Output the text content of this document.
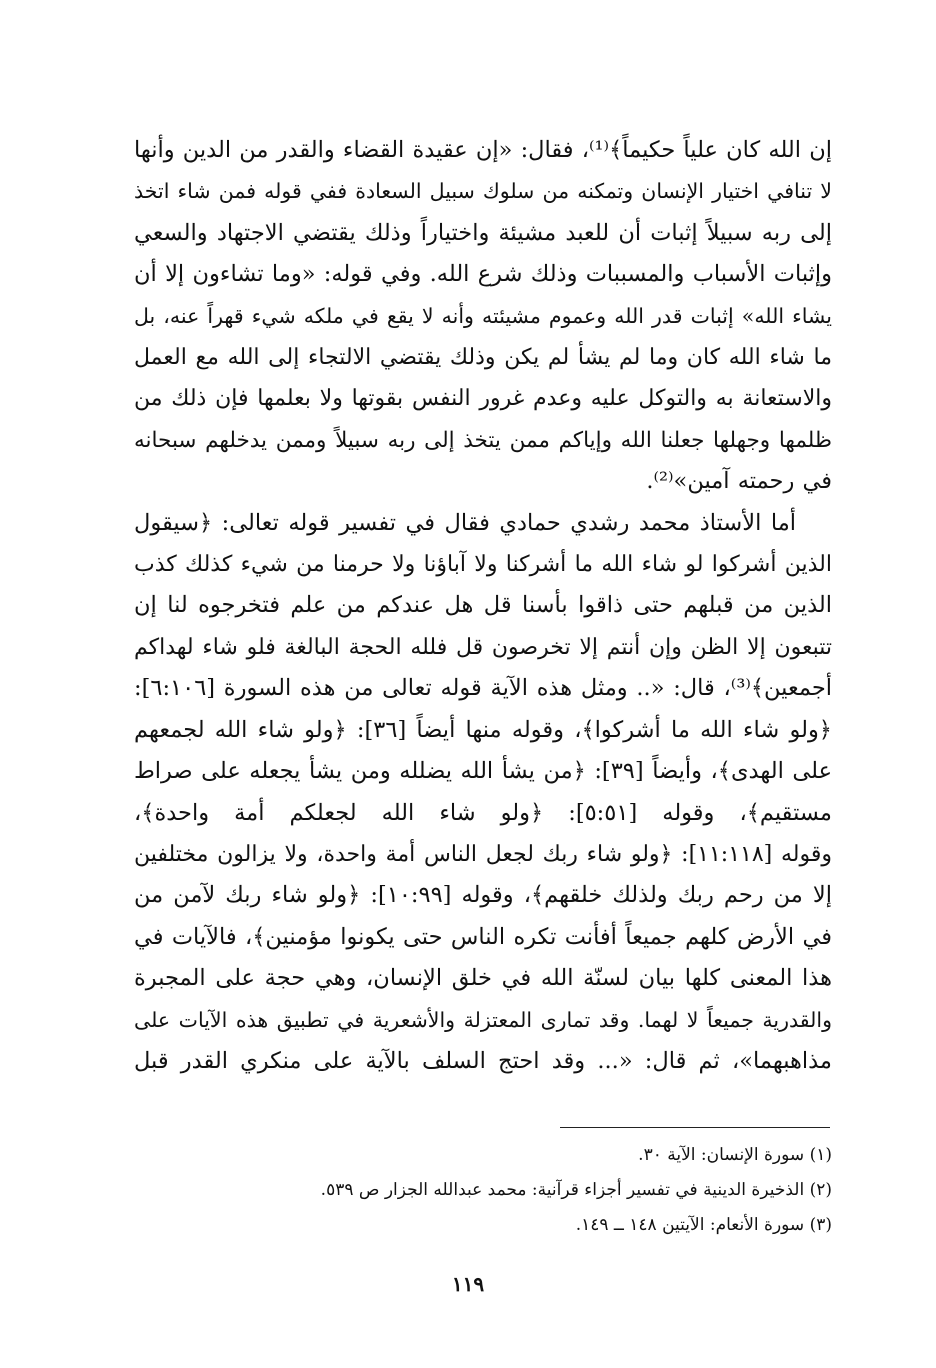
إن الله كان علياً حكيماً﴾⁽¹⁾، فقال: «إن عقيدة القضاء والقدر من الدين وأنها
لا تنافي اختيار الإنسان وتمكنه من سلوك سبيل السعادة ففي قوله فمن شاء اتخذ
إلى ربه سبيلاً إثبات أن للعبد مشيئة واختياراً وذلك يقتضي الاجتهاد والسعي
وإثبات الأسباب والمسببات وذلك شرع الله. وفي قوله: «وما تشاءون إلا أن
يشاء الله» إثبات قدر الله وعموم مشيئته وأنه لا يقع في ملكه شيء قهراً عنه، بل
ما شاء الله كان وما لم يشأ لم يكن وذلك يقتضي الالتجاء إلى الله مع العمل
والاستعانة به والتوكل عليه وعدم غرور النفس بقوتها ولا بعلمها فإن ذلك من
ظلمها وجهلها جعلنا الله وإياكم ممن يتخذ إلى ربه سبيلاً وممن يدخلهم سبحانه
في رحمته آمين»⁽²⁾.
أما الأستاذ محمد رشدي حمادي فقال في تفسير قوله تعالى: ﴿سيقول
الذين أشركوا لو شاء الله ما أشركنا ولا آباؤنا ولا حرمنا من شيء كذلك كذب
الذين من قبلهم حتى ذاقوا بأسنا قل هل عندكم من علم فتخرجوه لنا إن
تتبعون إلا الظن وإن أنتم إلا تخرصون قل فلله الحجة البالغة فلو شاء لهداكم
أجمعين﴾⁽³⁾، قال: «.. ومثل هذه الآية قوله تعالى من هذه السورة [٦:١٠٦]:
﴿ولو شاء الله ما أشركوا﴾، وقوله منها أيضاً [٣٦]: ﴿ولو شاء الله لجمعهم
على الهدى﴾، وأيضاً [٣٩]: ﴿من يشأ الله يضلله ومن يشأ يجعله على صراط
مستقيم﴾، وقوله [٥:٥١]: ﴿ولو شاء الله لجعلكم أمة واحدة﴾،
وقوله [١١:١١٨]: ﴿ولو شاء ربك لجعل الناس أمة واحدة، ولا يزالون مختلفين
إلا من رحم ربك ولذلك خلقهم﴾، وقوله [١٠:٩٩]: ﴿ولو شاء ربك لآمن من
في الأرض كلهم جميعاً أفأنت تكره الناس حتى يكونوا مؤمنين﴾، فالآيات في
هذا المعنى كلها بيان لسنّة الله في خلق الإنسان، وهي حجة على المجبرة
والقدرية جميعاً لا لهما. وقد تمارى المعتزلة والأشعرية في تطبيق هذه الآيات على
مذاهبهما»، ثم قال: «... وقد احتج السلف بالآية على منكري القدر قبل
(١) سورة الإنسان: الآية ٣٠.
(٢) الذخيرة الدينية في تفسير أجزاء قرآنية: محمد عبدالله الجزار ص ٥٣٩.
(٣) سورة الأنعام: الآيتين ١٤٨ ــ ١٤٩.
١١٩
